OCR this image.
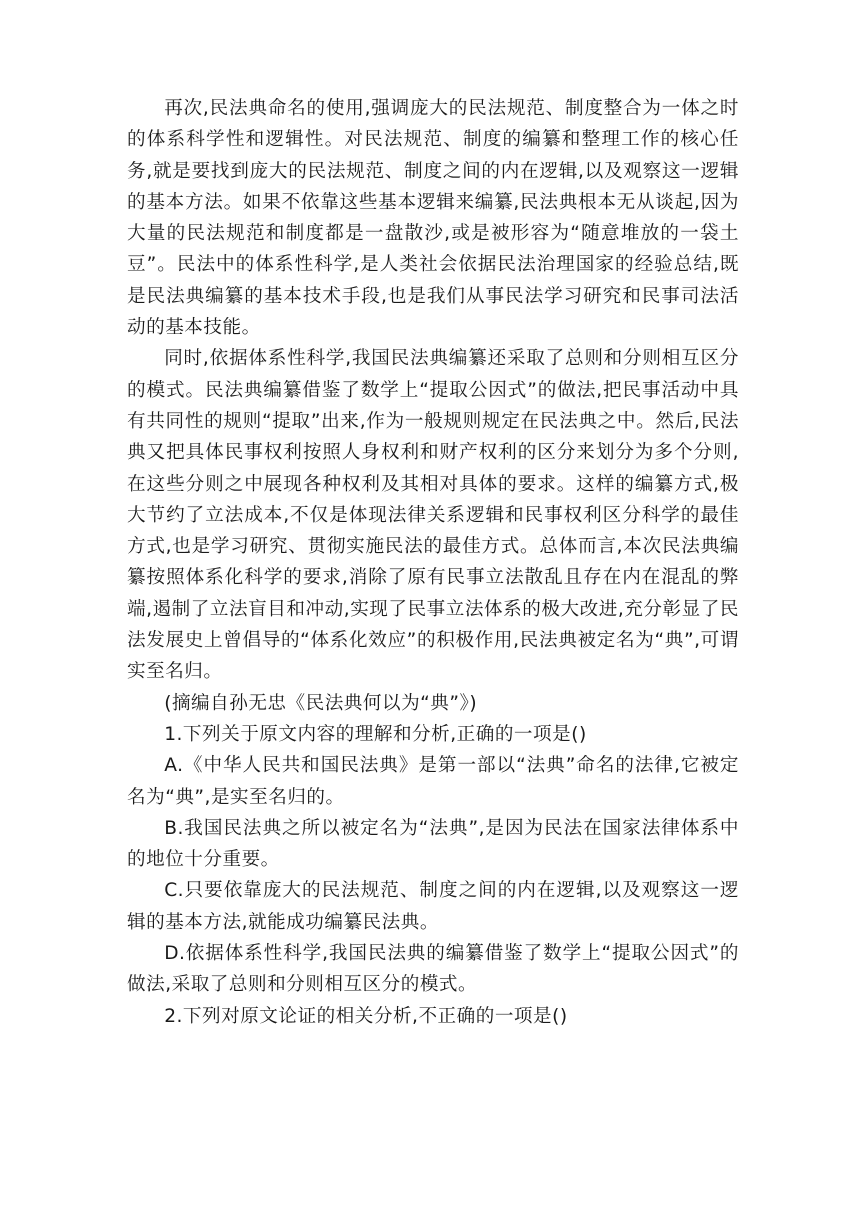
再次,民法典命名的使用,强调庞大的民法规范、制度整合为一体之时的体系科学性和逻辑性。对民法规范、制度的编纂和整理工作的核心任务,就是要找到庞大的民法规范、制度之间的内在逻辑,以及观察这一逻辑的基本方法。如果不依靠这些基本逻辑来编纂,民法典根本无从谈起,因为大量的民法规范和制度都是一盘散沙,或是被形容为“随意堆放的一袋土豆”。民法中的体系性科学,是人类社会依据民法治理国家的经验总结,既是民法典编纂的基本技术手段,也是我们从事民法学习研究和民事司法活动的基本技能。

同时,依据体系性科学,我国民法典编纂还采取了总则和分则相互区分的模式。民法典编纂借鉴了数学上“提取公因式”的做法,把民事活动中具有共同性的规则“提取”出来,作为一般规则规定在民法典之中。然后,民法典又把具体民事权利按照人身权利和财产权利的区分来划分为多个分则,在这些分则之中展现各种权利及其相对具体的要求。这样的编纂方式,极大节约了立法成本,不仅是体现法律关系逻辑和民事权利区分科学的最佳方式,也是学习研究、贯彻实施民法的最佳方式。总体而言,本次民法典编纂按照体系化科学的要求,消除了原有民事立法散乱且存在内在混乱的弊端,遏制了立法盲目和冲动,实现了民事立法体系的极大改进,充分彰显了民法发展史上曾倡导的“体系化效应”的积极作用,民法典被定名为“典”,可谓实至名归。

(摘编自孙无忠《民法典何以为“典”》)

1.下列关于原文内容的理解和分析,正确的一项是()

A.《中华人民共和国民法典》是第一部以“法典”命名的法律,它被定名为“典”,是实至名归的。

B.我国民法典之所以被定名为“法典”,是因为民法在国家法律体系中的地位十分重要。

C.只要依靠庞大的民法规范、制度之间的内在逻辑,以及观察这一逻辑的基本方法,就能成功编纂民法典。

D.依据体系性科学,我国民法典的编纂借鉴了数学上“提取公因式”的做法,采取了总则和分则相互区分的模式。

2.下列对原文论证的相关分析,不正确的一项是()
